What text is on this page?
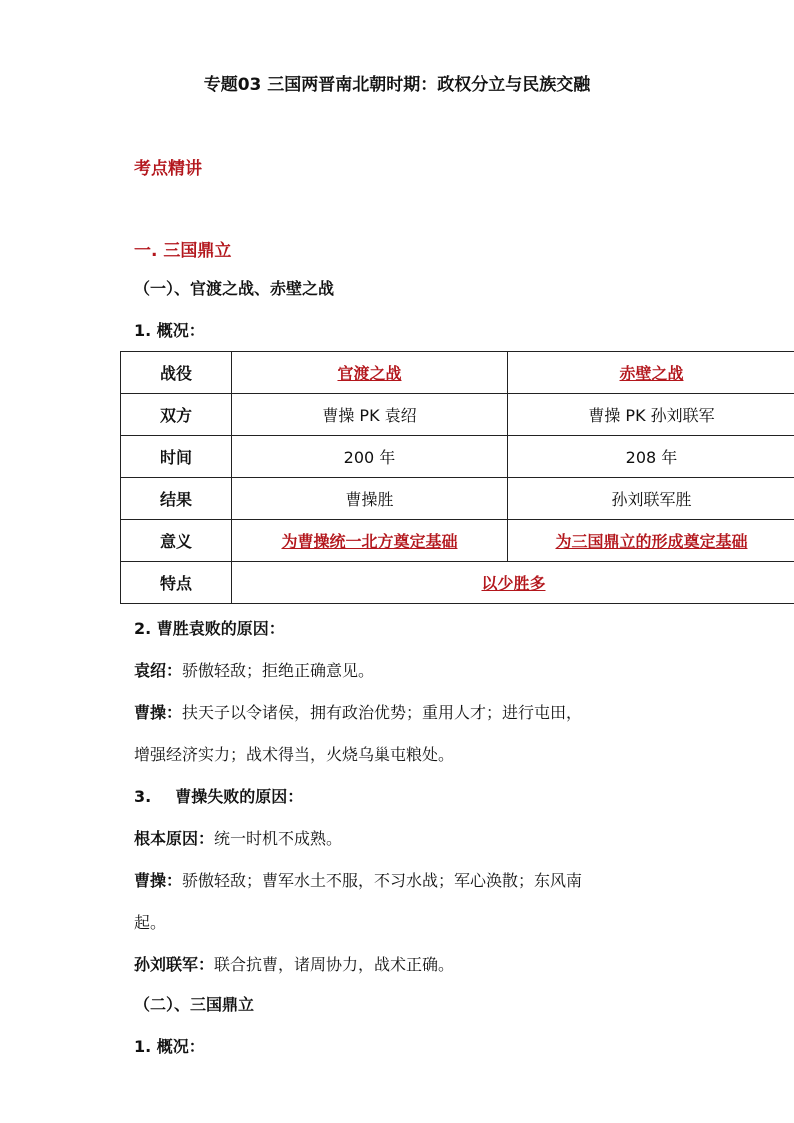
专题03 三国两晋南北朝时期：政权分立与民族交融
考点精讲
一. 三国鼎立
（一）、官渡之战、赤壁之战
1. 概况：
战役	官渡之战	赤壁之战
双方	曹操 PK 袁绍	曹操 PK 孙刘联军
时间	200 年	208 年
结果	曹操胜	孙刘联军胜
意义	为曹操统一北方奠定基础	为三国鼎立的形成奠定基础
特点	以少胜多	
2. 曹胜袁败的原因：
袁绍：骄傲轻敌；拒绝正确意见。
曹操：扶天子以令诸侯，拥有政治优势；重用人才；进行屯田，
增强经济实力；战术得当，火烧乌巢屯粮处。
3. 曹操失败的原因：
根本原因：统一时机不成熟。
曹操：骄傲轻敌；曹军水土不服，不习水战；军心涣散；东风南
起。
孙刘联军：联合抗曹，诸周协力，战术正确。
（二）、三国鼎立
1. 概况：
